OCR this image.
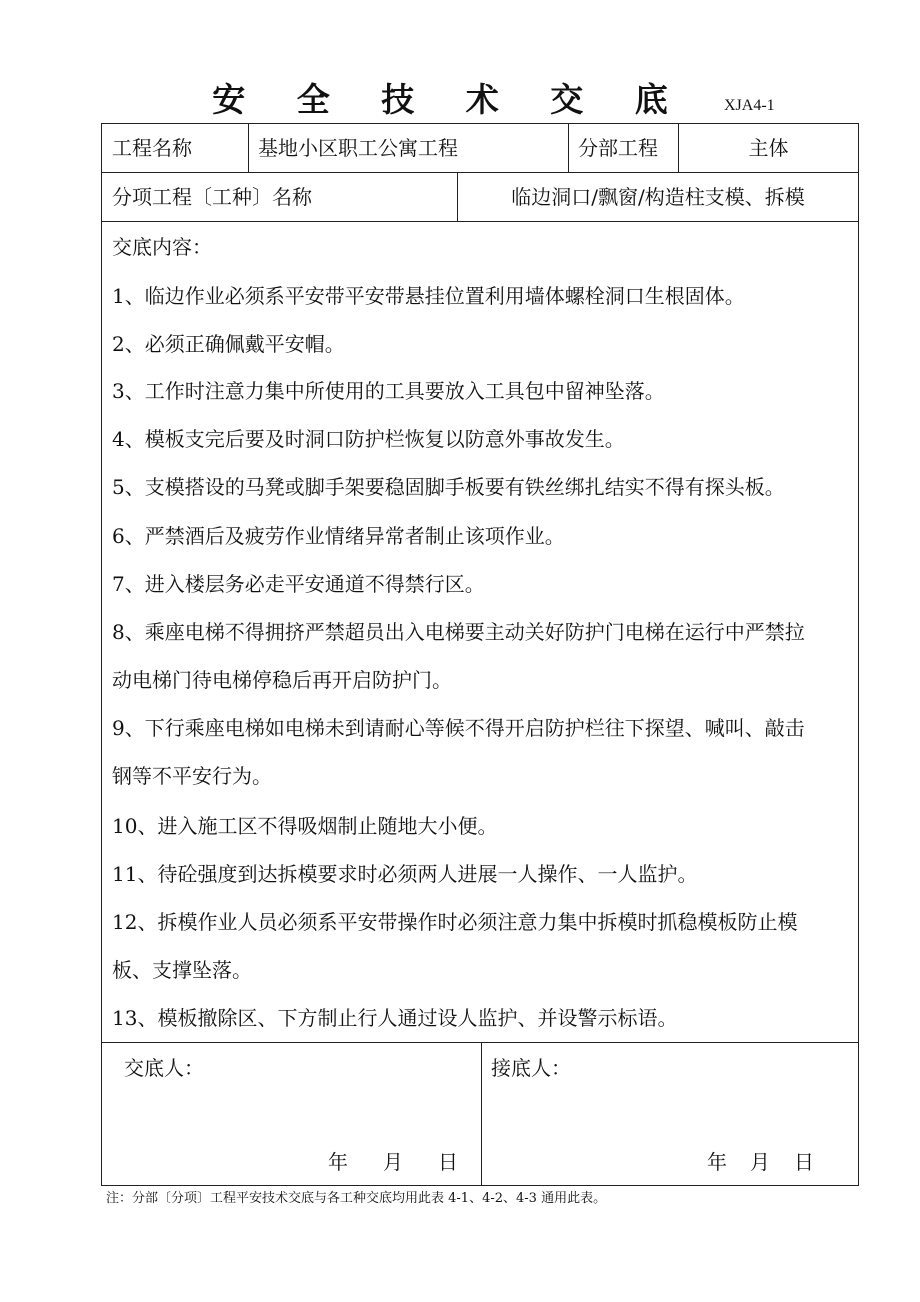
安 全 技 术 交 底	XJA4-1
工程名称	基地小区职工公寓工程	分部工程	主体
分项工程〔工种〕名称	临边洞口/飘窗/构造柱支模、拆模
交底内容：
1、临边作业必须系平安带平安带悬挂位置利用墙体螺栓洞口生根固体。
2、必须正确佩戴平安帽。
3、工作时注意力集中所使用的工具要放入工具包中留神坠落。
4、模板支完后要及时洞口防护栏恢复以防意外事故发生。
5、支模搭设的马凳或脚手架要稳固脚手板要有铁丝绑扎结实不得有探头板。
6、严禁酒后及疲劳作业情绪异常者制止该项作业。
7、进入楼层务必走平安通道不得禁行区。
8、乘座电梯不得拥挤严禁超员出入电梯要主动关好防护门电梯在运行中严禁拉
动电梯门待电梯停稳后再开启防护门。
9、下行乘座电梯如电梯未到请耐心等候不得开启防护栏往下探望、喊叫、敲击
钢等不平安行为。
10、进入施工区不得吸烟制止随地大小便。
11、待砼强度到达拆模要求时必须两人进展一人操作、一人监护。
12、拆模作业人员必须系平安带操作时必须注意力集中拆模时抓稳模板防止模
板、支撑坠落。
13、模板撤除区、下方制止行人通过设人监护、并设警示标语。
交底人：	接底人：
年 月 日	年 月 日
注：分部〔分项〕工程平安技术交底与各工种交底均用此表 4-1、4-2、4-3 通用此表。
